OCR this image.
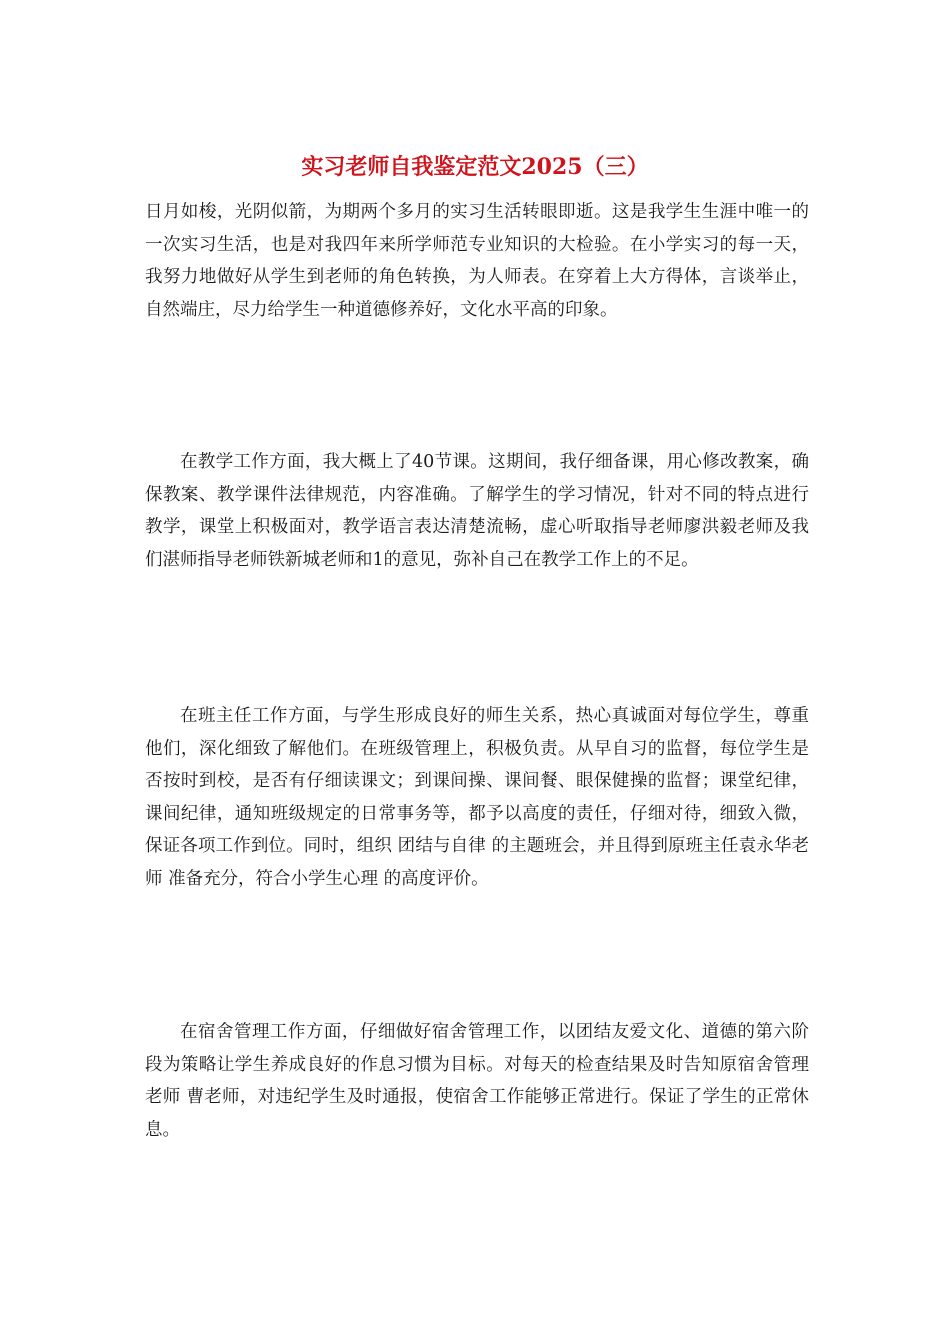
实习老师自我鉴定范文2025（三）

日月如梭，光阴似箭，为期两个多月的实习生活转眼即逝。这是我学生生涯中唯一的一次实习生活，也是对我四年来所学师范专业知识的大检验。在小学实习的每一天，我努力地做好从学生到老师的角色转换，为人师表。在穿着上大方得体，言谈举止，自然端庄，尽力给学生一种道德修养好，文化水平高的印象。

在教学工作方面，我大概上了40节课。这期间，我仔细备课，用心修改教案，确保教案、教学课件法律规范，内容准确。了解学生的学习情况，针对不同的特点进行教学，课堂上积极面对，教学语言表达清楚流畅，虚心听取指导老师廖洪毅老师及我们湛师指导老师铁新城老师和1的意见，弥补自己在教学工作上的不足。

在班主任工作方面，与学生形成良好的师生关系，热心真诚面对每位学生，尊重他们，深化细致了解他们。在班级管理上，积极负责。从早自习的监督，每位学生是否按时到校，是否有仔细读课文；到课间操、课间餐、眼保健操的监督；课堂纪律，课间纪律，通知班级规定的日常事务等，都予以高度的责任，仔细对待，细致入微，保证各项工作到位。同时，组织 团结与自律 的主题班会，并且得到原班主任袁永华老师 准备充分，符合小学生心理 的高度评价。

在宿舍管理工作方面，仔细做好宿舍管理工作，以团结友爱文化、道德的第六阶段为策略让学生养成良好的作息习惯为目标。对每天的检查结果及时告知原宿舍管理老师 曹老师，对违纪学生及时通报，使宿舍工作能够正常进行。保证了学生的正常休息。
